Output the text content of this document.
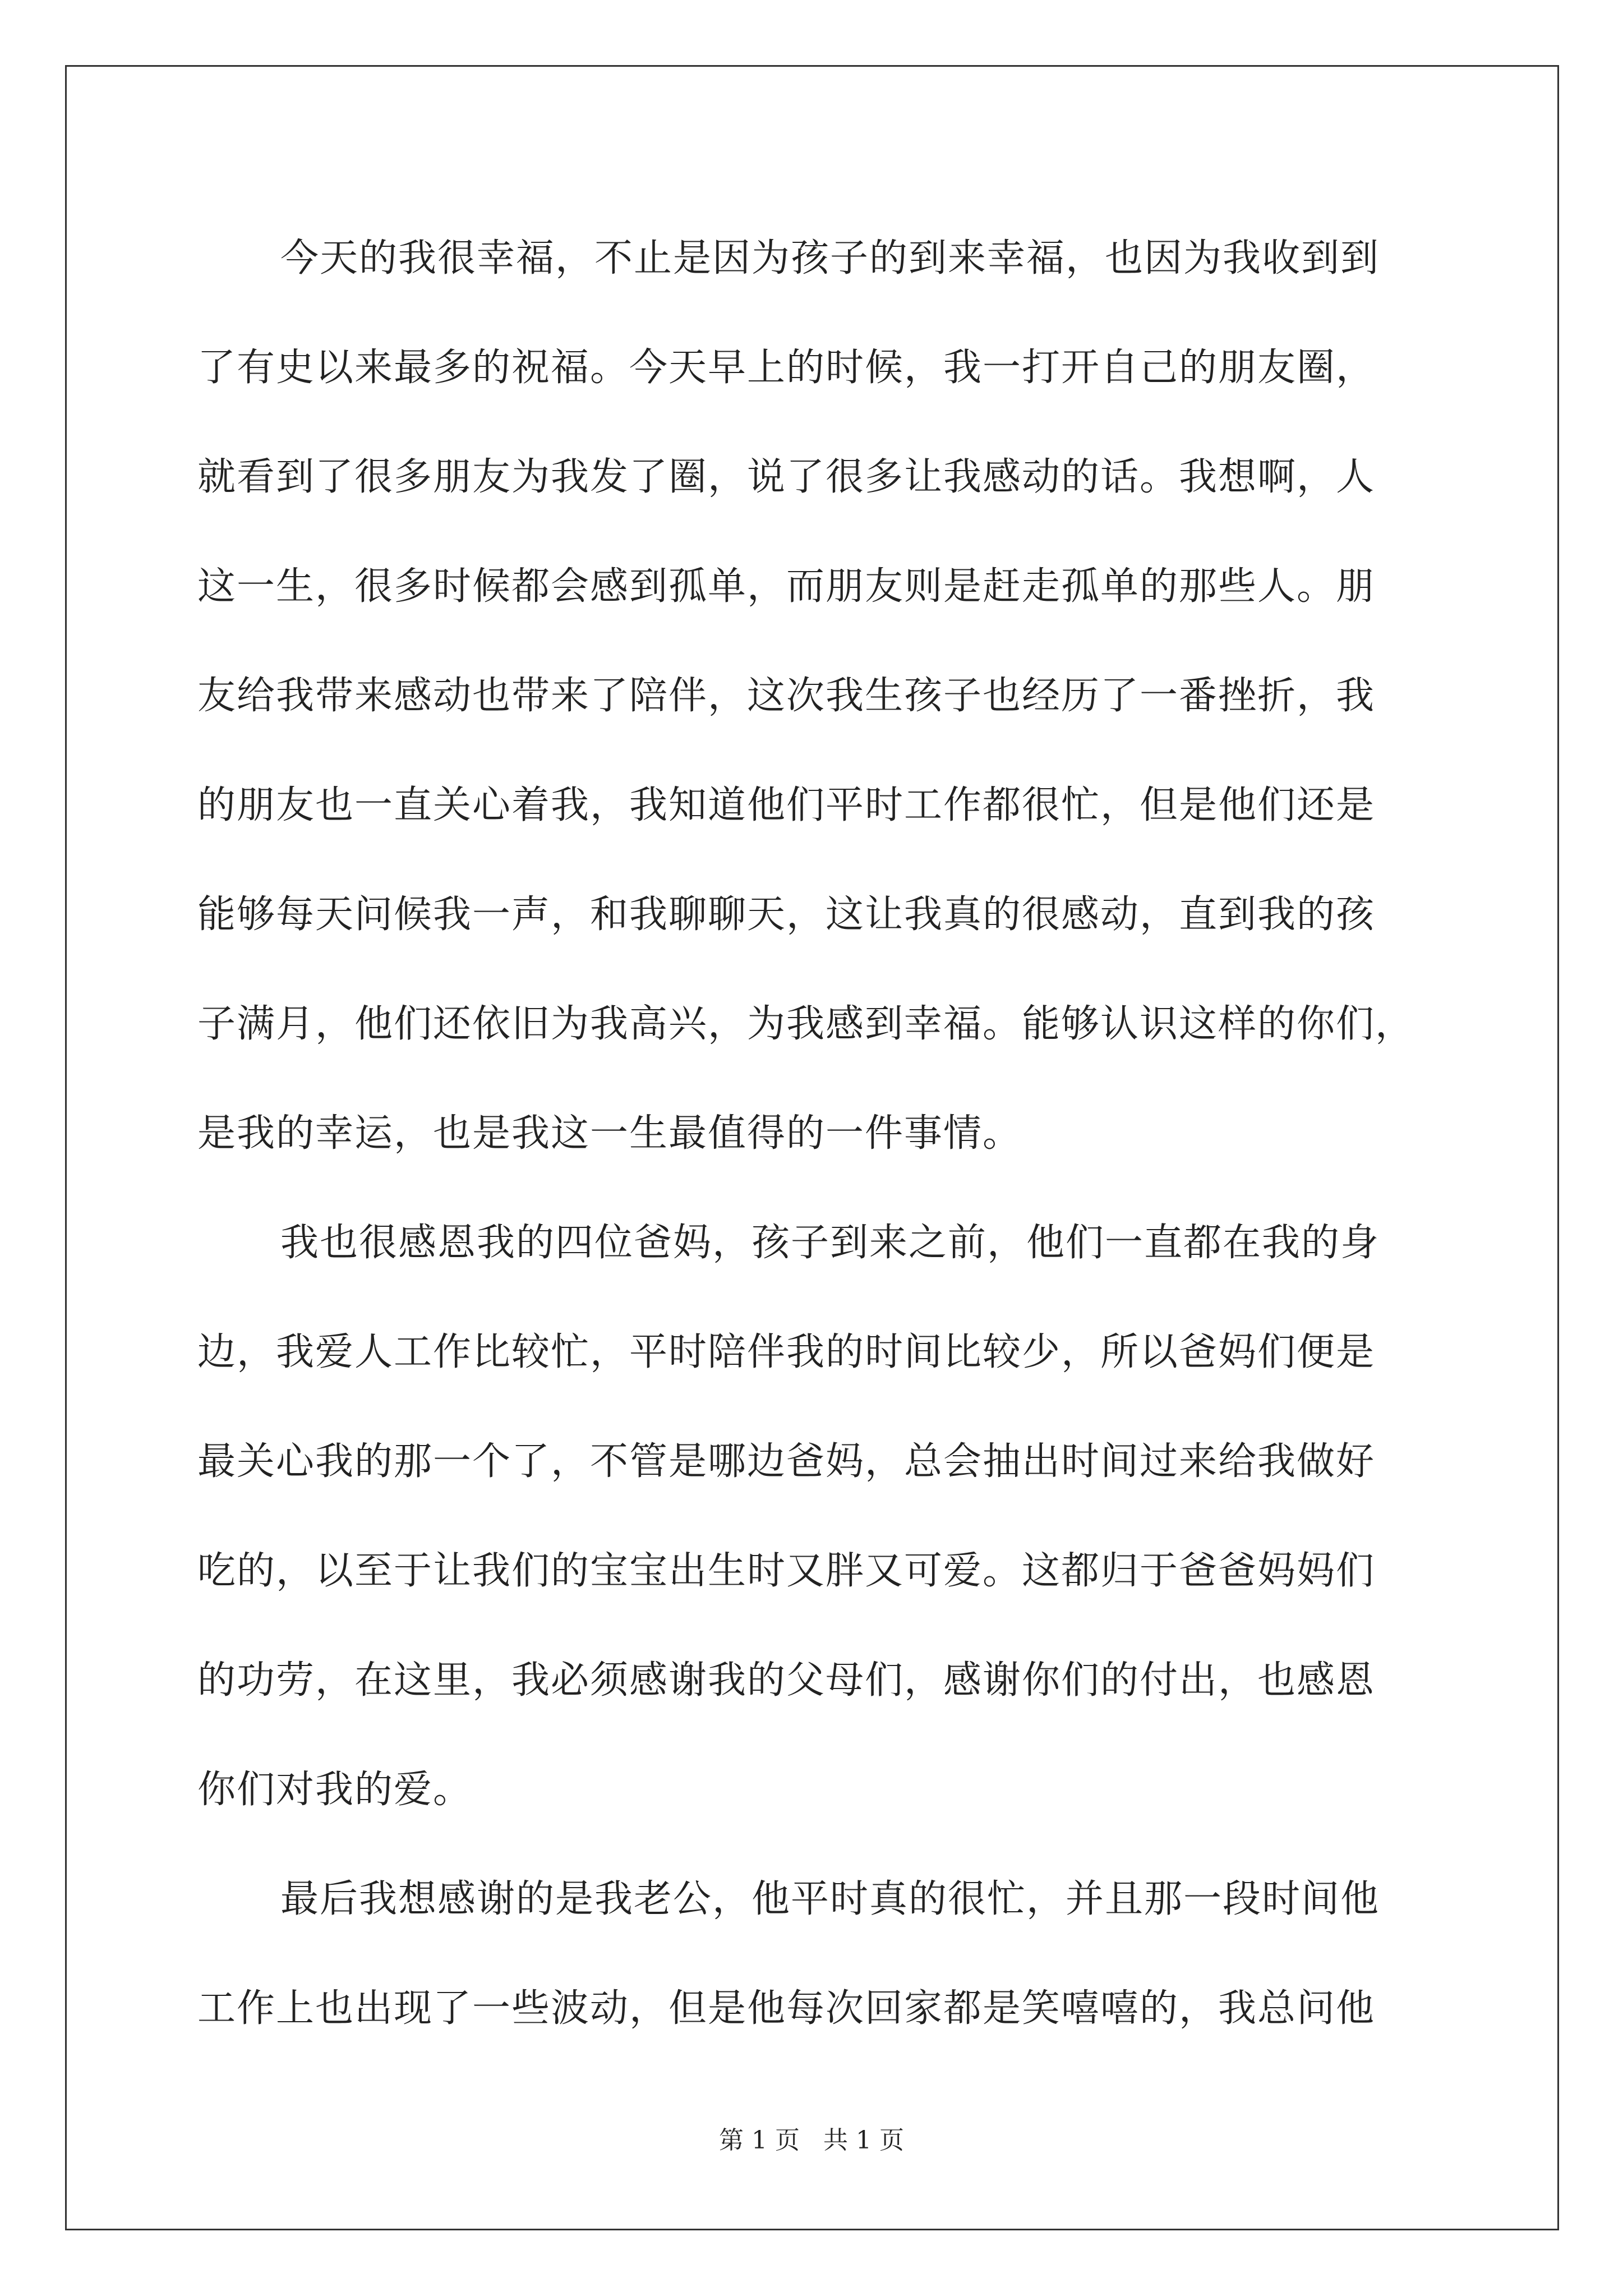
今天的我很幸福，不止是因为孩子的到来幸福，也因为我收到到
了有史以来最多的祝福。今天早上的时候，我一打开自己的朋友圈，
就看到了很多朋友为我发了圈，说了很多让我感动的话。我想啊，人
这一生，很多时候都会感到孤单，而朋友则是赶走孤单的那些人。朋
友给我带来感动也带来了陪伴，这次我生孩子也经历了一番挫折，我
的朋友也一直关心着我，我知道他们平时工作都很忙，但是他们还是
能够每天问候我一声，和我聊聊天，这让我真的很感动，直到我的孩
子满月，他们还依旧为我高兴，为我感到幸福。能够认识这样的你们，
是我的幸运，也是我这一生最值得的一件事情。
我也很感恩我的四位爸妈，孩子到来之前，他们一直都在我的身
边，我爱人工作比较忙，平时陪伴我的时间比较少，所以爸妈们便是
最关心我的那一个了，不管是哪边爸妈，总会抽出时间过来给我做好
吃的，以至于让我们的宝宝出生时又胖又可爱。这都归于爸爸妈妈们
的功劳，在这里，我必须感谢我的父母们，感谢你们的付出，也感恩
你们对我的爱。
最后我想感谢的是我老公，他平时真的很忙，并且那一段时间他
工作上也出现了一些波动，但是他每次回家都是笑嘻嘻的，我总问他
第 1 页   共 1 页
